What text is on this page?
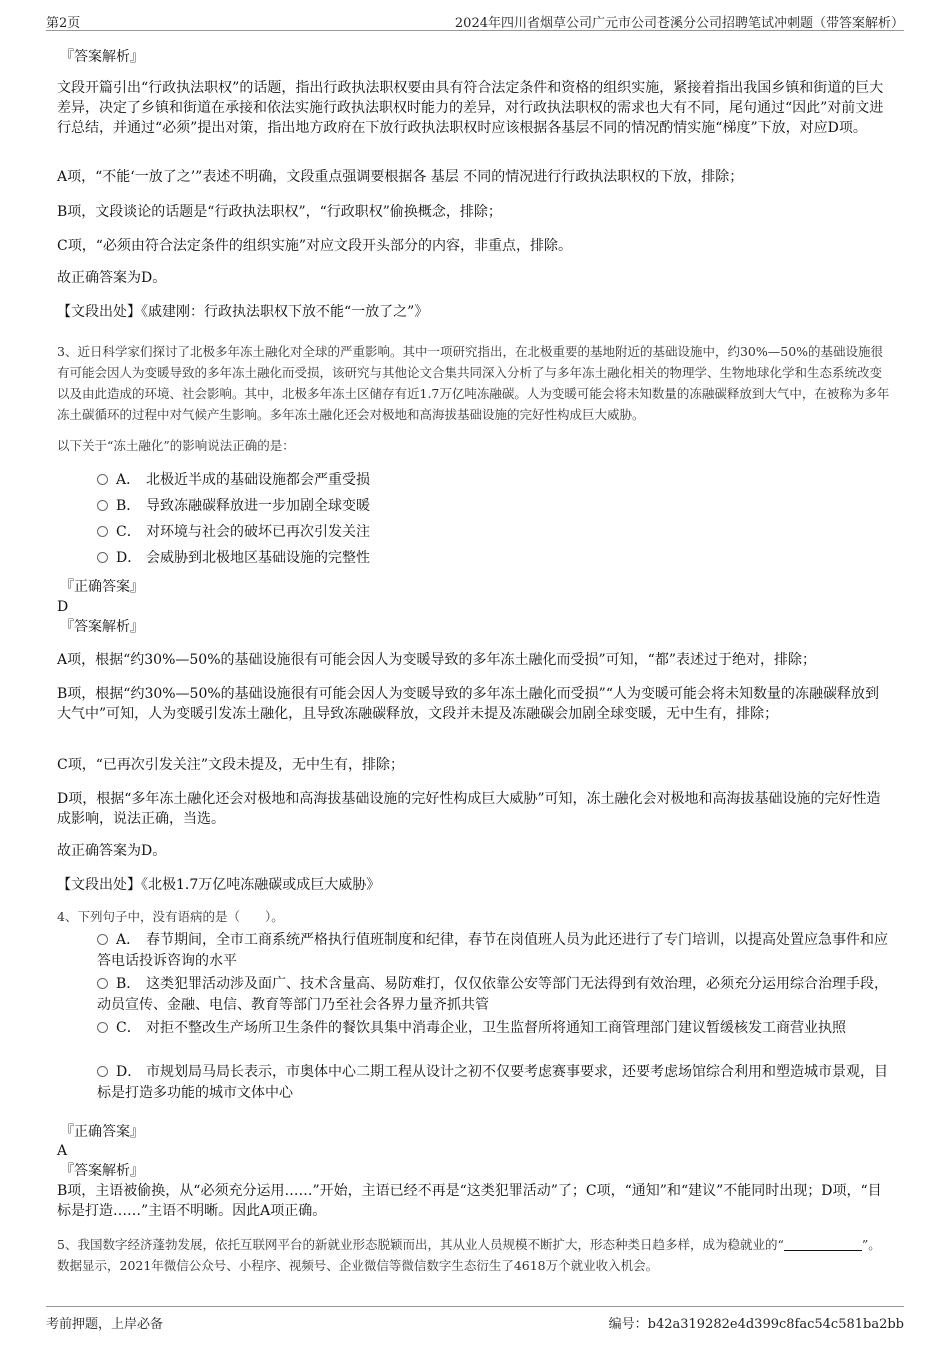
第2页	2024年四川省烟草公司广元市公司苍溪分公司招聘笔试冲刺题（带答案解析）
『答案解析』
文段开篇引出“行政执法职权”的话题，指出行政执法职权要由具有符合法定条件和资格的组织实施，紧接着指出我国乡镇和街道的巨大差异，决定了乡镇和街道在承接和依法实施行政执法职权时能力的差异，对行政执法职权的需求也大有不同，尾句通过“因此”对前文进行总结，并通过“必须”提出对策，指出地方政府在下放行政执法职权时应该根据各基层不同的情况酌情实施“梯度”下放，对应D项。
A项，“不能‘一放了之’”表述不明确，文段重点强调要根据各 基层 不同的情况进行行政执法职权的下放，排除；
B项，文段谈论的话题是“行政执法职权”，“行政职权”偷换概念，排除；
C项，“必须由符合法定条件的组织实施”对应文段开头部分的内容，非重点，排除。
故正确答案为D。
【文段出处】《戚建刚：行政执法职权下放不能“一放了之”》
3、近日科学家们探讨了北极多年冻土融化对全球的严重影响。其中一项研究指出，在北极重要的基地附近的基础设施中，约30%—50%的基础设施很有可能会因人为变暖导致的多年冻土融化而受损，该研究与其他论文合集共同深入分析了与多年冻土融化相关的物理学、生物地球化学和生态系统改变以及由此造成的环境、社会影响。其中，北极多年冻土区储存有近1.7万亿吨冻融碳。人为变暖可能会将未知数量的冻融碳释放到大气中，在被称为多年冻土碳循环的过程中对气候产生影响。多年冻土融化还会对极地和高海拔基础设施的完好性构成巨大威胁。
以下关于“冻土融化”的影响说法正确的是：
A． 北极近半成的基础设施都会严重受损
B． 导致冻融碳释放进一步加剧全球变暖
C． 对环境与社会的破坏已再次引发关注
D． 会威胁到北极地区基础设施的完整性
『正确答案』
D
『答案解析』
A项，根据“约30%—50%的基础设施很有可能会因人为变暖导致的多年冻土融化而受损”可知，“都”表述过于绝对，排除；
B项，根据“约30%—50%的基础设施很有可能会因人为变暖导致的多年冻土融化而受损”“人为变暖可能会将未知数量的冻融碳释放到大气中”可知，人为变暖引发冻土融化，且导致冻融碳释放，文段并未提及冻融碳会加剧全球变暖，无中生有，排除；
C项，“已再次引发关注”文段未提及，无中生有，排除；
D项，根据“多年冻土融化还会对极地和高海拔基础设施的完好性构成巨大威胁”可知，冻土融化会对极地和高海拔基础设施的完好性造成影响，说法正确，当选。
故正确答案为D。
【文段出处】《北极1.7万亿吨冻融碳或成巨大威胁》
4、下列句子中，没有语病的是（　　）。
A． 春节期间，全市工商系统严格执行值班制度和纪律，春节在岗值班人员为此还进行了专门培训，以提高处置应急事件和应答电话投诉咨询的水平
B． 这类犯罪活动涉及面广、技术含量高、易防难打，仅仅依靠公安等部门无法得到有效治理，必须充分运用综合治理手段，动员宣传、金融、电信、教育等部门乃至社会各界力量齐抓共管
C． 对拒不整改生产场所卫生条件的餐饮具集中消毒企业，卫生监督所将通知工商管理部门建议暂缓核发工商营业执照
D． 市规划局马局长表示，市奥体中心二期工程从设计之初不仅要考虑赛事要求，还要考虑场馆综合利用和塑造城市景观，目标是打造多功能的城市文体中心
『正确答案』
A
『答案解析』
B项，主语被偷换，从“必须充分运用……”开始，主语已经不再是“这类犯罪活动”了；C项，“通知”和“建议”不能同时出现；D项，“目标是打造……”主语不明晰。因此A项正确。
5、我国数字经济蓬勃发展，依托互联网平台的新就业形态脱颖而出，其从业人员规模不断扩大，形态种类日趋多样，成为稳就业的“	”。数据显示，2021年微信公众号、小程序、视频号、企业微信等微信数字生态衍生了4618万个就业收入机会。
考前押题，上岸必备	编号：b42a319282e4d399c8fac54c581ba2bb
